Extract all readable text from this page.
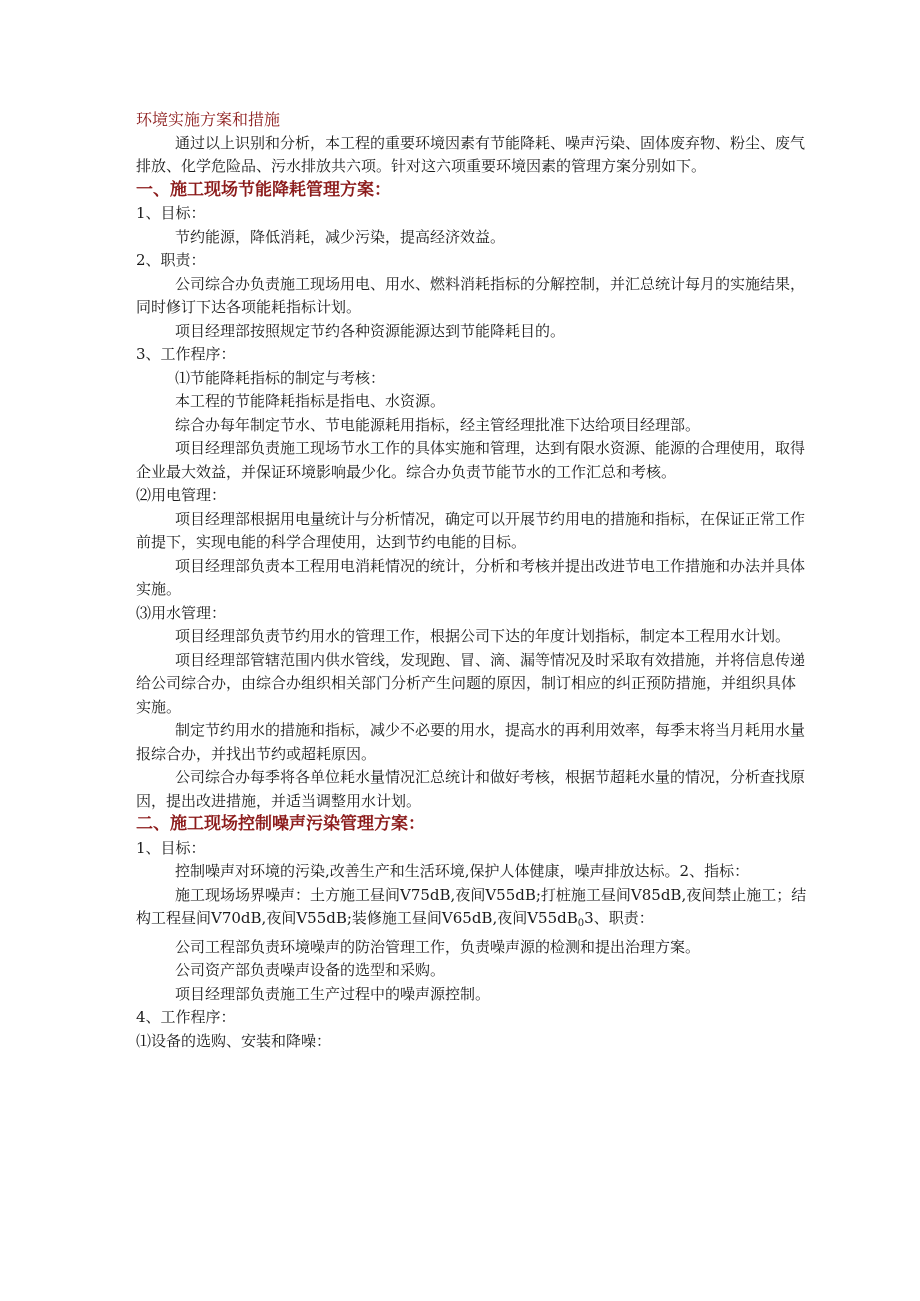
环境实施方案和措施

通过以上识别和分析，本工程的重要环境因素有节能降耗、噪声污染、固体废弃物、粉尘、废气排放、化学危险品、污水排放共六项。针对这六项重要环境因素的管理方案分别如下。

一、施工现场节能降耗管理方案：

1、目标：

节约能源，降低消耗，减少污染，提高经济效益。

2、职责：

公司综合办负责施工现场用电、用水、燃料消耗指标的分解控制，并汇总统计每月的实施结果，同时修订下达各项能耗指标计划。

项目经理部按照规定节约各种资源能源达到节能降耗目的。

3、工作程序：

⑴节能降耗指标的制定与考核：

本工程的节能降耗指标是指电、水资源。

综合办每年制定节水、节电能源耗用指标，经主管经理批准下达给项目经理部。

项目经理部负责施工现场节水工作的具体实施和管理，达到有限水资源、能源的合理使用，取得企业最大效益，并保证环境影响最少化。综合办负责节能节水的工作汇总和考核。

⑵用电管理：

项目经理部根据用电量统计与分析情况，确定可以开展节约用电的措施和指标，在保证正常工作前提下，实现电能的科学合理使用，达到节约电能的目标。

项目经理部负责本工程用电消耗情况的统计，分析和考核并提出改进节电工作措施和办法并具体实施。

⑶用水管理：

项目经理部负责节约用水的管理工作，根据公司下达的年度计划指标，制定本工程用水计划。

项目经理部管辖范围内供水管线，发现跑、冒、滴、漏等情况及时采取有效措施，并将信息传递给公司综合办，由综合办组织相关部门分析产生问题的原因，制订相应的纠正预防措施，并组织具体实施。

制定节约用水的措施和指标，减少不必要的用水，提高水的再利用效率，每季末将当月耗用水量报综合办，并找出节约或超耗原因。

公司综合办每季将各单位耗水量情况汇总统计和做好考核，根据节超耗水量的情况，分析查找原因，提出改进措施，并适当调整用水计划。

二、施工现场控制噪声污染管理方案：

1、目标：

控制噪声对环境的污染,改善生产和生活环境,保护人体健康，噪声排放达标。2、指标：

施工现场场界噪声：土方施工昼间V75dB,夜间V55dB;打桩施工昼间V85dB,夜间禁止施工；结构工程昼间V70dB,夜间V55dB;装修施工昼间V65dB,夜间$V55dB_03$、职责：

公司工程部负责环境噪声的防治管理工作，负责噪声源的检测和提出治理方案。

公司资产部负责噪声设备的选型和采购。

项目经理部负责施工生产过程中的噪声源控制。

4、工作程序：

⑴设备的选购、安装和降噪：
